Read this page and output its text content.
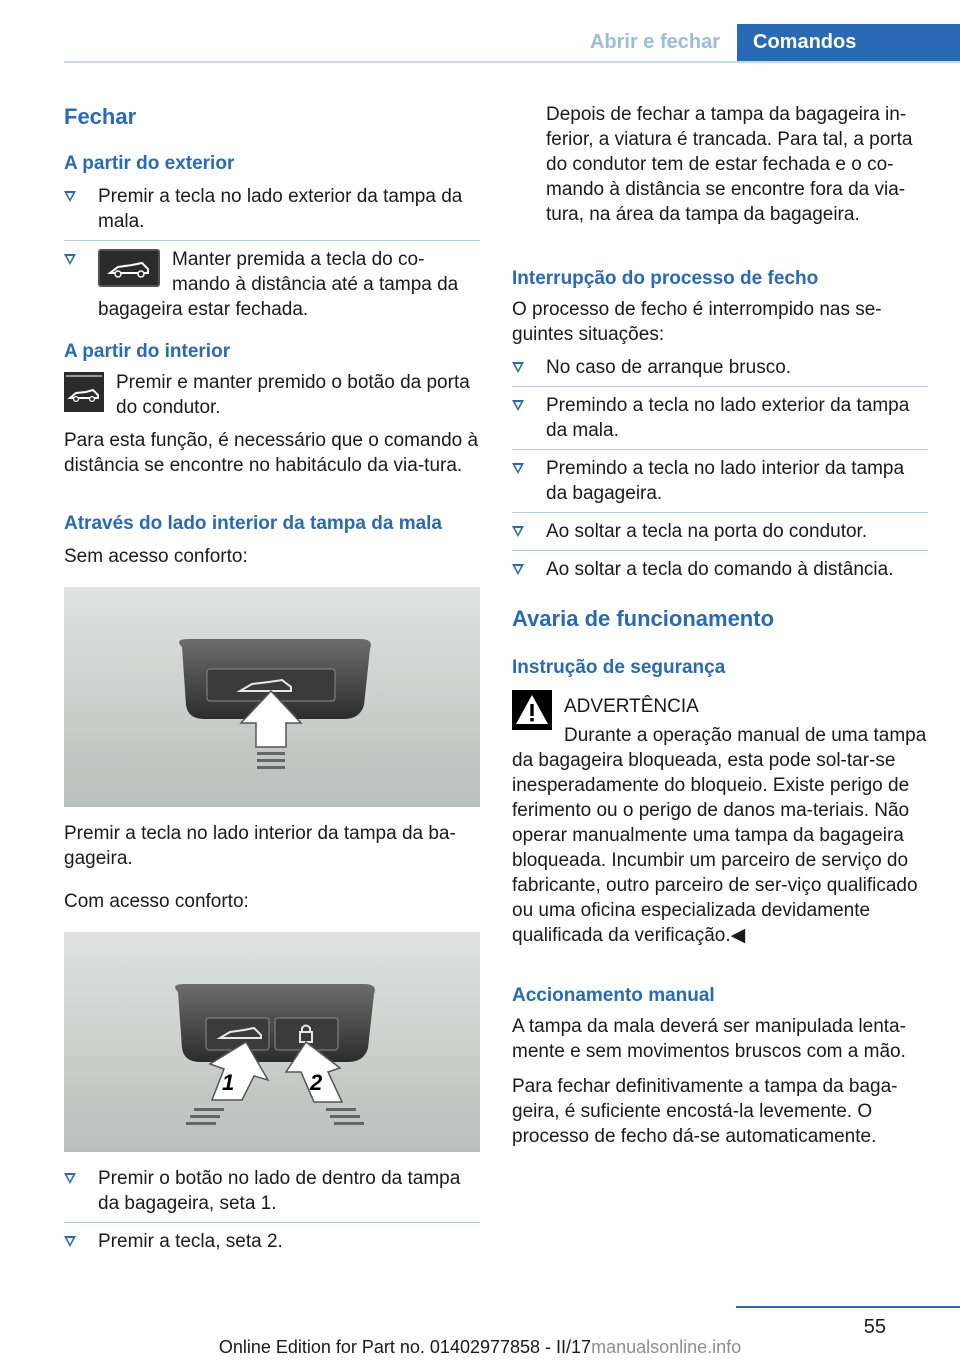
Abrir e fechar	Comandos
Fechar
A partir do exterior
Premir a tecla no lado exterior da tampa da mala.
Manter premida a tecla do co-mando à distância até a tampa da bagageira estar fechada.
A partir do interior

Premir e manter premido o botão da porta do condutor.

Para esta função, é necessário que o comando à distância se encontre no habitáculo da via-tura.

Através do lado interior da tampa da mala

Sem acesso conforto:

Premir a tecla no lado interior da tampa da ba-gageira.

Com acesso conforto:

1	2
Premir o botão no lado de dentro da tampa da bagageira, seta 1.
Premir a tecla, seta 2.

Depois de fechar a tampa da bagageira in-ferior, a viatura é trancada. Para tal, a porta do condutor tem de estar fechada e o co-mando à distância se encontre fora da via-tura, na área da tampa da bagageira.

Interrupção do processo de fecho

O processo de fecho é interrompido nas se-guintes situações:

No caso de arranque brusco.
Premindo a tecla no lado exterior da tampa da mala.
Premindo a tecla no lado interior da tampa da bagageira.
Ao soltar a tecla na porta do condutor.
Ao soltar a tecla do comando à distância.
Avaria de funcionamento
Instrução de segurança

ADVERTÊNCIA

Durante a operação manual de uma tampa da bagageira bloqueada, esta pode sol-tar-se inesperadamente do bloqueio. Existe perigo de ferimento ou o perigo de danos ma-teriais. Não operar manualmente uma tampa da bagageira bloqueada. Incumbir um parceiro de serviço do fabricante, outro parceiro de ser-viço qualificado ou uma oficina especializada devidamente qualificada da verificação.◀

Accionamento manual

A tampa da mala deverá ser manipulada lenta-mente e sem movimentos bruscos com a mão.

Para fechar definitivamente a tampa da baga-geira, é suficiente encostá-la levemente. O processo de fecho dá-se automaticamente.

55
Online Edition for Part no. 01402977858 - II/17manualsonline.info
